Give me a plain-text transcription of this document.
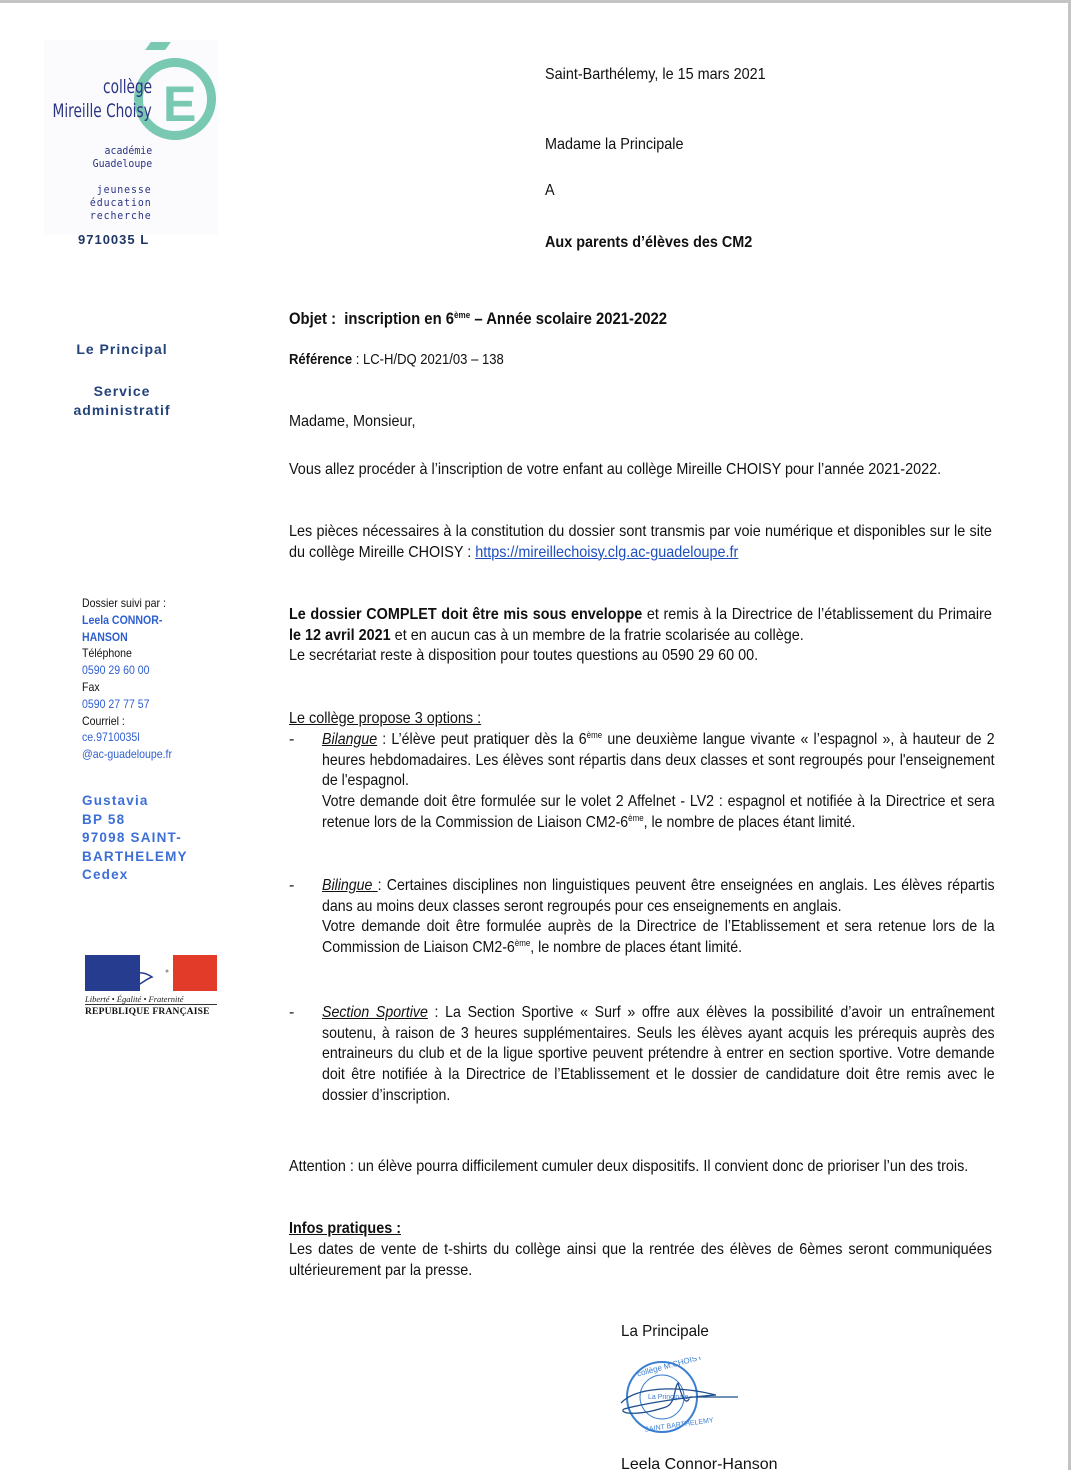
E
collège
Mireille Choisy
académie
Guadeloupe
jeunesse
éducation
recherche
9710035 L
Le Principal
Service
administratif
Dossier suivi par :
Leela CONNOR-
HANSON
Téléphone
0590 29 60 00
Fax
0590 27 77 57
Courriel :
ce.9710035l
@ac-guadeloupe.fr
Gustavia
BP 58
97098 SAINT-
BARTHELEMY
Cedex
Liberté • Égalité • Fraternité
RÉPUBLIQUE FRANÇAISE
Saint-Barthélemy, le 15 mars 2021
Madame la Principale
A
Aux parents d’élèves des CM2
Objet : inscription en 6ème – Année scolaire 2021-2022
Référence : LC-H/DQ 2021/03 – 138
Madame, Monsieur,
Vous allez procéder à l’inscription de votre enfant au collège Mireille CHOISY pour l’année 2021-2022.
Les pièces nécessaires à la constitution du dossier sont transmis par voie numérique et disponibles sur le site du collège Mireille CHOISY : https://mireillechoisy.clg.ac-guadeloupe.fr
Le dossier COMPLET doit être mis sous enveloppe et remis à la Directrice de l’établissement du Primaire le 12 avril 2021 et en aucun cas à un membre de la fratrie scolarisée au collège.
Le secrétariat reste à disposition pour toutes questions au 0590 29 60 00.
Le collège propose 3 options :
- Bilangue : L’élève peut pratiquer dès la 6ème une deuxième langue vivante « l’espagnol », à hauteur de 2 heures hebdomadaires. Les élèves sont répartis dans deux classes et sont regroupés pour l'enseignement de l'espagnol.
Votre demande doit être formulée sur le volet 2 Affelnet - LV2 : espagnol et notifiée à la Directrice et sera retenue lors de la Commission de Liaison CM2-6ème, le nombre de places étant limité.
- Bilingue : Certaines disciplines non linguistiques peuvent être enseignées en anglais. Les élèves répartis dans au moins deux classes seront regroupés pour ces enseignements en anglais.
Votre demande doit être formulée auprès de la Directrice de l’Etablissement et sera retenue lors de la Commission de Liaison CM2-6ème, le nombre de places étant limité.
- Section Sportive : La Section Sportive « Surf » offre aux élèves la possibilité d’avoir un entraînement soutenu, à raison de 3 heures supplémentaires. Seuls les élèves ayant acquis les prérequis auprès des entraineurs du club et de la ligue sportive peuvent prétendre à entrer en section sportive. Votre demande doit être notifiée à la Directrice de l’Etablissement et le dossier de candidature doit être remis avec le dossier d’inscription.
Attention : un élève pourra difficilement cumuler deux dispositifs. Il convient donc de prioriser l’un des trois.
Infos pratiques :
Les dates de vente de t-shirts du collège ainsi que la rentrée des élèves de 6èmes seront communiquées ultérieurement par la presse.
La Principale
collège M.CHOISY
La Principale
SAINT BARTHELEMY
Leela Connor-Hanson
